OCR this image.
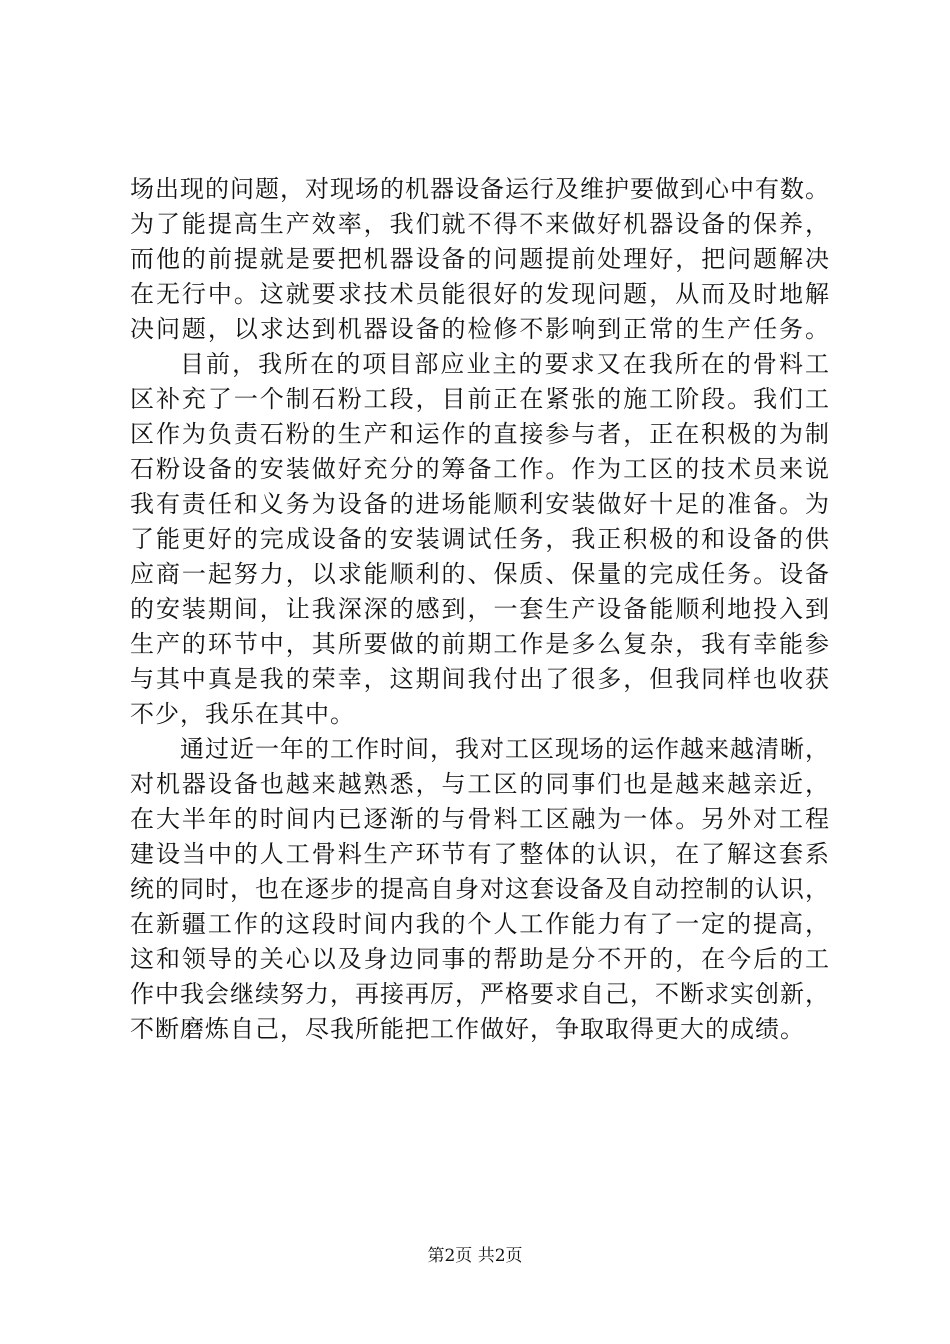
场出现的问题，对现场的机器设备运行及维护要做到心中有数。
为了能提高生产效率，我们就不得不来做好机器设备的保养，
而他的前提就是要把机器设备的问题提前处理好，把问题解决
在无行中。这就要求技术员能很好的发现问题，从而及时地解
决问题，以求达到机器设备的检修不影响到正常的生产任务。
目前，我所在的项目部应业主的要求又在我所在的骨料工
区补充了一个制石粉工段，目前正在紧张的施工阶段。我们工
区作为负责石粉的生产和运作的直接参与者，正在积极的为制
石粉设备的安装做好充分的筹备工作。作为工区的技术员来说
我有责任和义务为设备的进场能顺利安装做好十足的准备。为
了能更好的完成设备的安装调试任务，我正积极的和设备的供
应商一起努力，以求能顺利的、保质、保量的完成任务。设备
的安装期间，让我深深的感到，一套生产设备能顺利地投入到
生产的环节中，其所要做的前期工作是多么复杂，我有幸能参
与其中真是我的荣幸，这期间我付出了很多，但我同样也收获
不少，我乐在其中。
通过近一年的工作时间，我对工区现场的运作越来越清晰，
对机器设备也越来越熟悉，与工区的同事们也是越来越亲近，
在大半年的时间内已逐渐的与骨料工区融为一体。另外对工程
建设当中的人工骨料生产环节有了整体的认识，在了解这套系
统的同时，也在逐步的提高自身对这套设备及自动控制的认识，
在新疆工作的这段时间内我的个人工作能力有了一定的提高，
这和领导的关心以及身边同事的帮助是分不开的，在今后的工
作中我会继续努力，再接再厉，严格要求自己，不断求实创新，
不断磨炼自己，尽我所能把工作做好，争取取得更大的成绩。
第2页 共2页
